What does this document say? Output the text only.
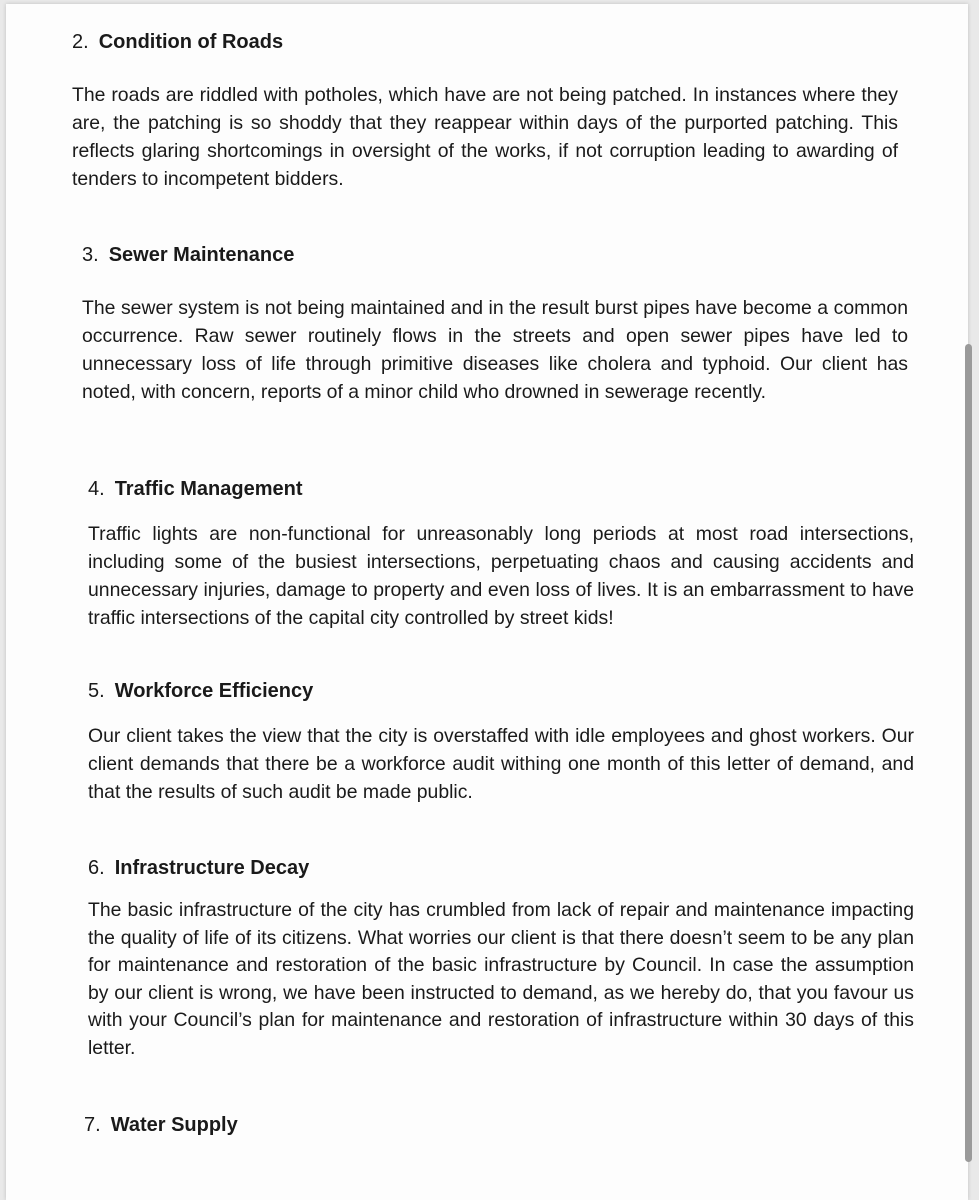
2. Condition of Roads

The roads are riddled with potholes, which have are not being patched. In instances where they are, the patching is so shoddy that they reappear within days of the purported patching. This reflects glaring shortcomings in oversight of the works, if not corruption leading to awarding of tenders to incompetent bidders.

3. Sewer Maintenance

The sewer system is not being maintained and in the result burst pipes have become a common occurrence. Raw sewer routinely flows in the streets and open sewer pipes have led to unnecessary loss of life through primitive diseases like cholera and typhoid. Our client has noted, with concern, reports of a minor child who drowned in sewerage recently.

4. Traffic Management

Traffic lights are non-functional for unreasonably long periods at most road intersections, including some of the busiest intersections, perpetuating chaos and causing accidents and unnecessary injuries, damage to property and even loss of lives. It is an embarrassment to have traffic intersections of the capital city controlled by street kids!

5. Workforce Efficiency

Our client takes the view that the city is overstaffed with idle employees and ghost workers. Our client demands that there be a workforce audit withing one month of this letter of demand, and that the results of such audit be made public.

6. Infrastructure Decay

The basic infrastructure of the city has crumbled from lack of repair and maintenance impacting the quality of life of its citizens. What worries our client is that there doesn’t seem to be any plan for maintenance and restoration of the basic infrastructure by Council. In case the assumption by our client is wrong, we have been instructed to demand, as we hereby do, that you favour us with your Council’s plan for maintenance and restoration of infrastructure within 30 days of this letter.

7. Water Supply
